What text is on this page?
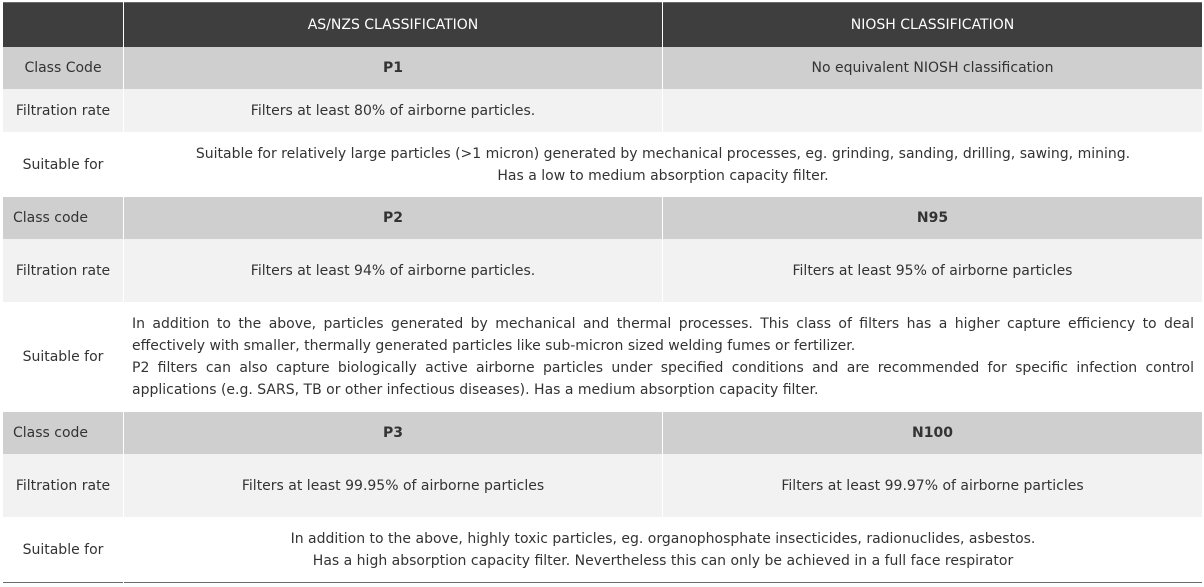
	AS/NZS CLASSIFICATION	NIOSH CLASSIFICATION
Class Code	P1	No equivalent NIOSH classification
Filtration rate	Filters at least 80% of airborne particles.	
Suitable for	Suitable for relatively large particles (>1 micron) generated by mechanical processes, eg. grinding, sanding, drilling, sawing, mining.
Has a low to medium absorption capacity filter.	

Class code	P2	N95
Filtration rate	Filters at least 94% of airborne particles.	Filters at least 95% of airborne particles
Suitable for	In addition to the above, particles generated by mechanical and thermal processes. This class of filters has a higher capture efficiency to deal effectively with smaller, thermally generated particles like sub-micron sized welding fumes or fertilizer.

P2 filters can also capture biologically active airborne particles under specified conditions and are recommended for specific infection control applications (e.g. SARS, TB or other infectious diseases). Has a medium absorption capacity filter.	

Class code	P3	N100
Filtration rate	Filters at least 99.95% of airborne particles	Filters at least 99.97% of airborne particles
Suitable for	In addition to the above, highly toxic particles, eg. organophosphate insecticides, radionuclides, asbestos.
Has a high absorption capacity filter. Nevertheless this can only be achieved in a full face respirator	
